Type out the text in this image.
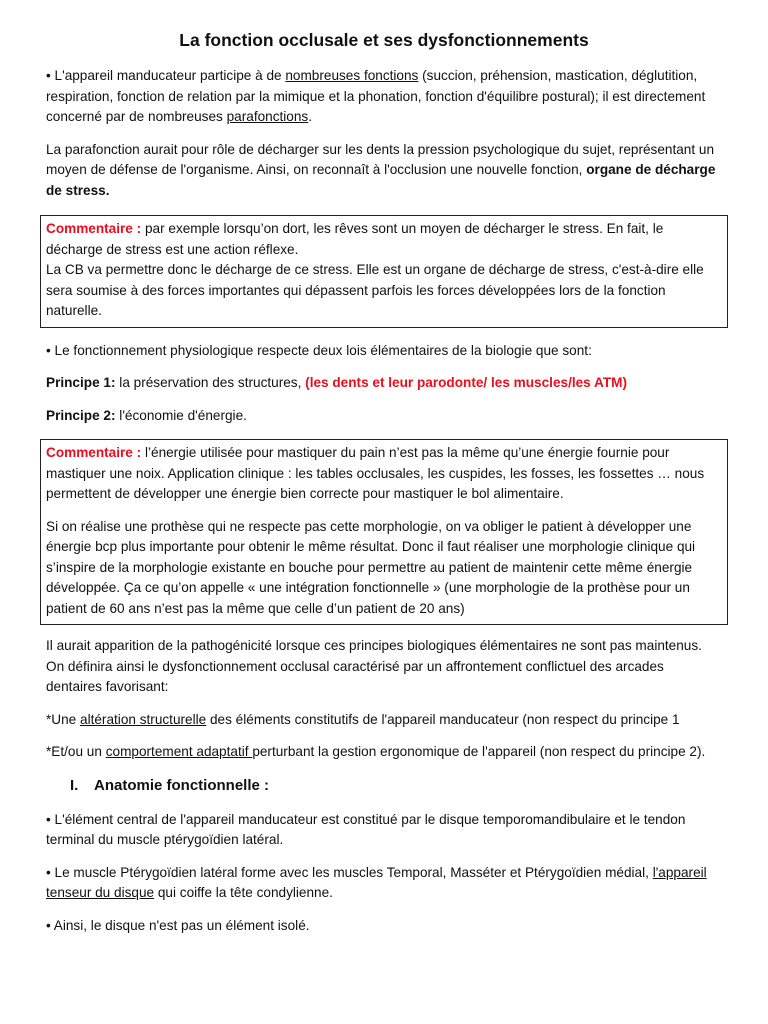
La fonction occlusale et ses dysfonctionnements

• L'appareil manducateur participe à de nombreuses fonctions (succion, préhension, mastication, déglutition, respiration, fonction de relation par la mimique et la phonation, fonction d'équilibre postural); il est directement concerné par de nombreuses parafonctions.

La parafonction aurait pour rôle de décharger sur les dents la pression psychologique du sujet, représentant un moyen de défense de l'organisme. Ainsi, on reconnaît à l'occlusion une nouvelle fonction, organe de décharge de stress.

Commentaire : par exemple lorsqu’on dort, les rêves sont un moyen de décharger le stress. En fait, le décharge de stress est une action réflexe.

La CB va permettre donc le décharge de ce stress. Elle est un organe de décharge de stress, c'est-à-dire elle sera soumise à des forces importantes qui dépassent parfois les forces développées lors de la fonction naturelle.

• Le fonctionnement physiologique respecte deux lois élémentaires de la biologie que sont:

Principe 1: la préservation des structures, (les dents et leur parodonte/ les muscles/les ATM)

Principe 2: l'économie d'énergie.

Commentaire : l’énergie utilisée pour mastiquer du pain n’est pas la même qu’une énergie fournie pour mastiquer une noix. Application clinique : les tables occlusales, les cuspides, les fosses, les fossettes … nous permettent de développer une énergie bien correcte pour mastiquer le bol alimentaire.

Si on réalise une prothèse qui ne respecte pas cette morphologie, on va obliger le patient à développer une énergie bcp plus importante pour obtenir le même résultat. Donc il faut réaliser une morphologie clinique qui s’inspire de la morphologie existante en bouche pour permettre au patient de maintenir cette même énergie développée. Ça ce qu’on appelle « une intégration fonctionnelle » (une morphologie de la prothèse pour un patient de 60 ans n’est pas la même que celle d’un patient de 20 ans)

Il aurait apparition de la pathogénicité lorsque ces principes biologiques élémentaires ne sont pas maintenus. On définira ainsi le dysfonctionnement occlusal caractérisé par un affrontement conflictuel des arcades dentaires favorisant:

*Une altération structurelle des éléments constitutifs de l'appareil manducateur (non respect du principe 1

*Et/ou un comportement adaptatif perturbant la gestion ergonomique de l'appareil (non respect du principe 2).

I. Anatomie fonctionnelle :

• L'élément central de l'appareil manducateur est constitué par le disque temporomandibulaire et le tendon terminal du muscle ptérygoïdien latéral.

• Le muscle Ptérygoïdien latéral forme avec les muscles Temporal, Masséter et Ptérygoïdien médial, l'appareil tenseur du disque qui coiffe la tête condylienne.

• Ainsi, le disque n'est pas un élément isolé.
